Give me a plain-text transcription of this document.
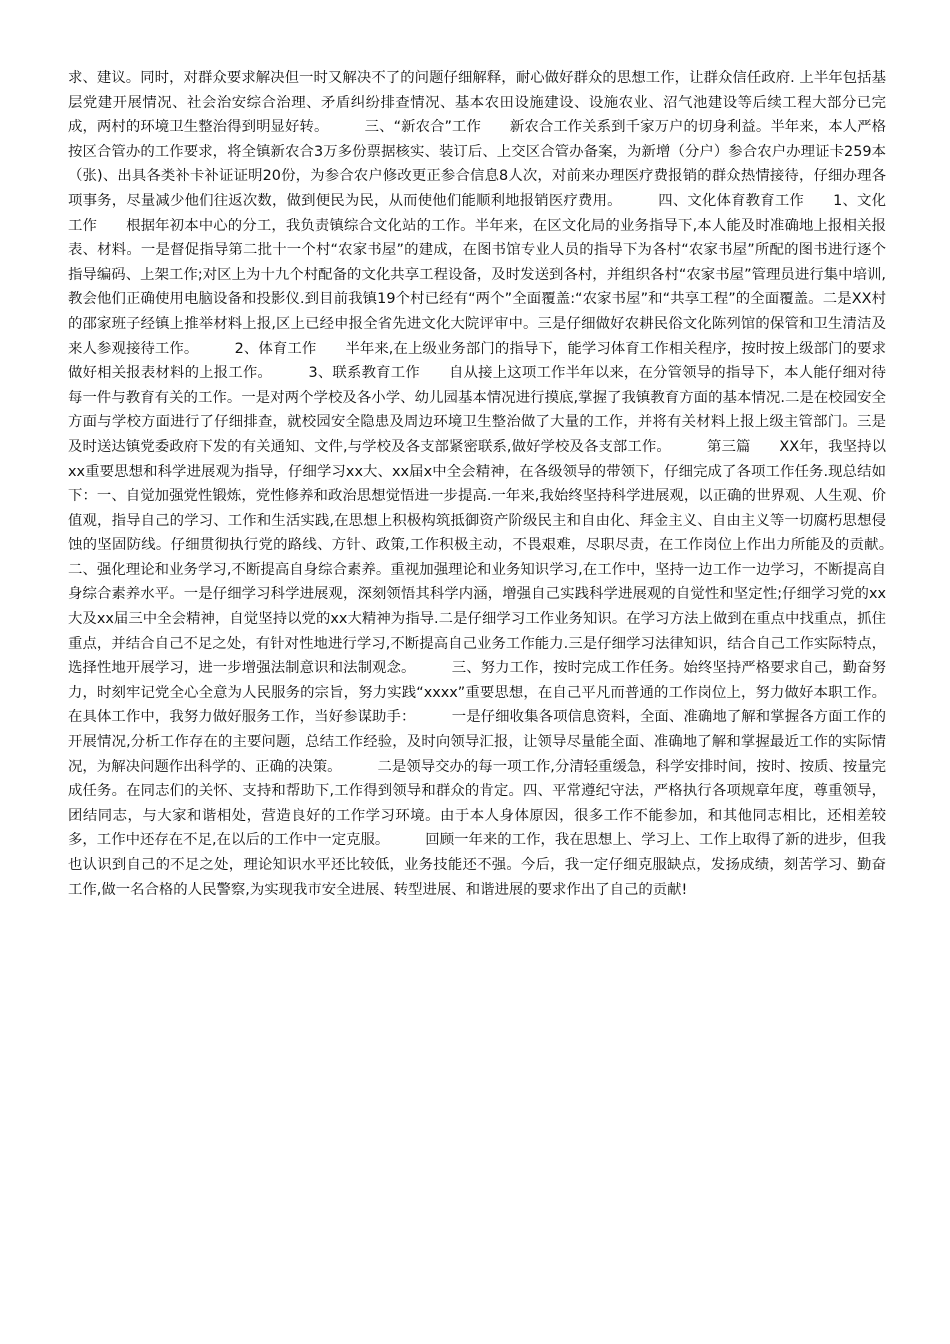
求、建议。同时，对群众要求解决但一时又解决不了的问题仔细解释，耐心做好群众的思想工作，让群众信任政府. 上半年包括基层党建开展情况、社会治安综合治理、矛盾纠纷排查情况、基本农田设施建设、设施农业、沼气池建设等后续工程大部分已完成，两村的环境卫生整治得到明显好转。　　　三、“新农合”工作　　新农合工作关系到千家万户的切身利益。半年来，本人严格按区合管办的工作要求，将全镇新农合3万多份票据核实、装订后、上交区合管办备案，为新增（分户）参合农户办理证卡259本（张)、出具各类补卡补证证明20份，为参合农户修改更正参合信息8人次，对前来办理医疗费报销的群众热情接待，仔细办理各项事务，尽量减少他们往返次数，做到便民为民，从而使他们能顺利地报销医疗费用。　　　四、文化体育教育工作　　1、文化工作　　根据年初本中心的分工，我负责镇综合文化站的工作。半年来，在区文化局的业务指导下,本人能及时准确地上报相关报表、材料。一是督促指导第二批十一个村“农家书屋”的建成，在图书馆专业人员的指导下为各村“农家书屋”所配的图书进行逐个指导编码、上架工作;对区上为十九个村配备的文化共享工程设备，及时发送到各村，并组织各村“农家书屋”管理员进行集中培训,教会他们正确使用电脑设备和投影仪.到目前我镇19个村已经有“两个”全面覆盖:“农家书屋”和“共享工程”的全面覆盖。二是XX村的邵家班子经镇上推举材料上报,区上已经申报全省先进文化大院评审中。三是仔细做好农耕民俗文化陈列馆的保管和卫生清洁及来人参观接待工作。　　　2、体育工作　　半年来,在上级业务部门的指导下，能学习体育工作相关程序，按时按上级部门的要求做好相关报表材料的上报工作。　　　3、联系教育工作　　自从接上这项工作半年以来，在分管领导的指导下，本人能仔细对待每一件与教育有关的工作。一是对两个学校及各小学、幼儿园基本情况进行摸底,掌握了我镇教育方面的基本情况.二是在校园安全方面与学校方面进行了仔细排查，就校园安全隐患及周边环境卫生整治做了大量的工作，并将有关材料上报上级主管部门。三是及时送达镇党委政府下发的有关通知、文件,与学校及各支部紧密联系,做好学校及各支部工作。　　　第三篇　　XX年，我坚持以xx重要思想和科学进展观为指导，仔细学习xx大、xx届x中全会精神，在各级领导的带领下，仔细完成了各项工作任务.现总结如下：一、自觉加强党性锻炼，党性修养和政治思想觉悟进一步提高.一年来,我始终坚持科学进展观，以正确的世界观、人生观、价值观，指导自己的学习、工作和生活实践,在思想上积极构筑抵御资产阶级民主和自由化、拜金主义、自由主义等一切腐朽思想侵蚀的坚固防线。仔细贯彻执行党的路线、方针、政策,工作积极主动，不畏艰难，尽职尽责，在工作岗位上作出力所能及的贡献。　　　二、强化理论和业务学习,不断提高自身综合素养。重视加强理论和业务知识学习,在工作中，坚持一边工作一边学习，不断提高自身综合素养水平。一是仔细学习科学进展观，深刻领悟其科学内涵，增强自己实践科学进展观的自觉性和坚定性;仔细学习党的xx大及xx届三中全会精神，自觉坚持以党的xx大精神为指导.二是仔细学习工作业务知识。在学习方法上做到在重点中找重点，抓住重点，并结合自己不足之处，有针对性地进行学习,不断提高自己业务工作能力.三是仔细学习法律知识，结合自己工作实际特点，选择性地开展学习，进一步增强法制意识和法制观念。　　　三、努力工作，按时完成工作任务。始终坚持严格要求自己，勤奋努力，时刻牢记党全心全意为人民服务的宗旨，努力实践“xxxx”重要思想，在自己平凡而普通的工作岗位上，努力做好本职工作。在具体工作中，我努力做好服务工作，当好参谋助手：　　　一是仔细收集各项信息资料，全面、准确地了解和掌握各方面工作的开展情况,分析工作存在的主要问题，总结工作经验，及时向领导汇报，让领导尽量能全面、准确地了解和掌握最近工作的实际情况，为解决问题作出科学的、正确的决策。　　　二是领导交办的每一项工作,分清轻重缓急，科学安排时间，按时、按质、按量完成任务。在同志们的关怀、支持和帮助下,工作得到领导和群众的肯定。四、平常遵纪守法，严格执行各项规章年度，尊重领导，团结同志，与大家和谐相处，营造良好的工作学习环境。由于本人身体原因，很多工作不能参加，和其他同志相比，还相差较多，工作中还存在不足,在以后的工作中一定克服。　　　回顾一年来的工作，我在思想上、学习上、工作上取得了新的进步，但我也认识到自己的不足之处，理论知识水平还比较低，业务技能还不强。今后，我一定仔细克服缺点，发扬成绩，刻苦学习、勤奋工作,做一名合格的人民警察,为实现我市安全进展、转型进展、和谐进展的要求作出了自己的贡献!
